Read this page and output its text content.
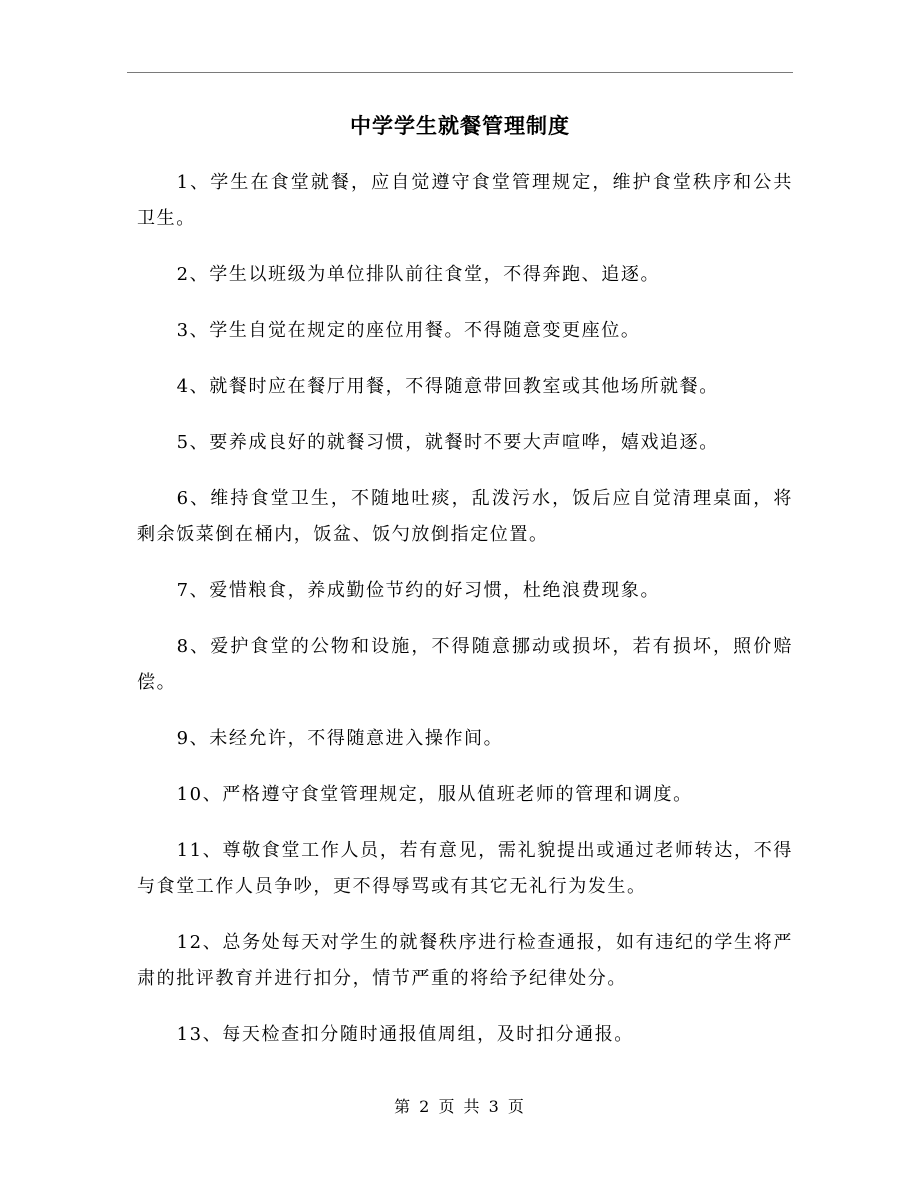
中学学生就餐管理制度
1、学生在食堂就餐，应自觉遵守食堂管理规定，维护食堂秩序和公共卫生。
2、学生以班级为单位排队前往食堂，不得奔跑、追逐。
3、学生自觉在规定的座位用餐。不得随意变更座位。
4、就餐时应在餐厅用餐，不得随意带回教室或其他场所就餐。
5、要养成良好的就餐习惯，就餐时不要大声喧哗，嬉戏追逐。
6、维持食堂卫生，不随地吐痰，乱泼污水，饭后应自觉清理桌面，将剩余饭菜倒在桶内，饭盆、饭勺放倒指定位置。
7、爱惜粮食，养成勤俭节约的好习惯，杜绝浪费现象。
8、爱护食堂的公物和设施，不得随意挪动或损坏，若有损坏，照价赔偿。
9、未经允许，不得随意进入操作间。
10、严格遵守食堂管理规定，服从值班老师的管理和调度。
11、尊敬食堂工作人员，若有意见，需礼貌提出或通过老师转达，不得与食堂工作人员争吵，更不得辱骂或有其它无礼行为发生。
12、总务处每天对学生的就餐秩序进行检查通报，如有违纪的学生将严肃的批评教育并进行扣分，情节严重的将给予纪律处分。
13、每天检查扣分随时通报值周组，及时扣分通报。
第 2 页 共 3 页
